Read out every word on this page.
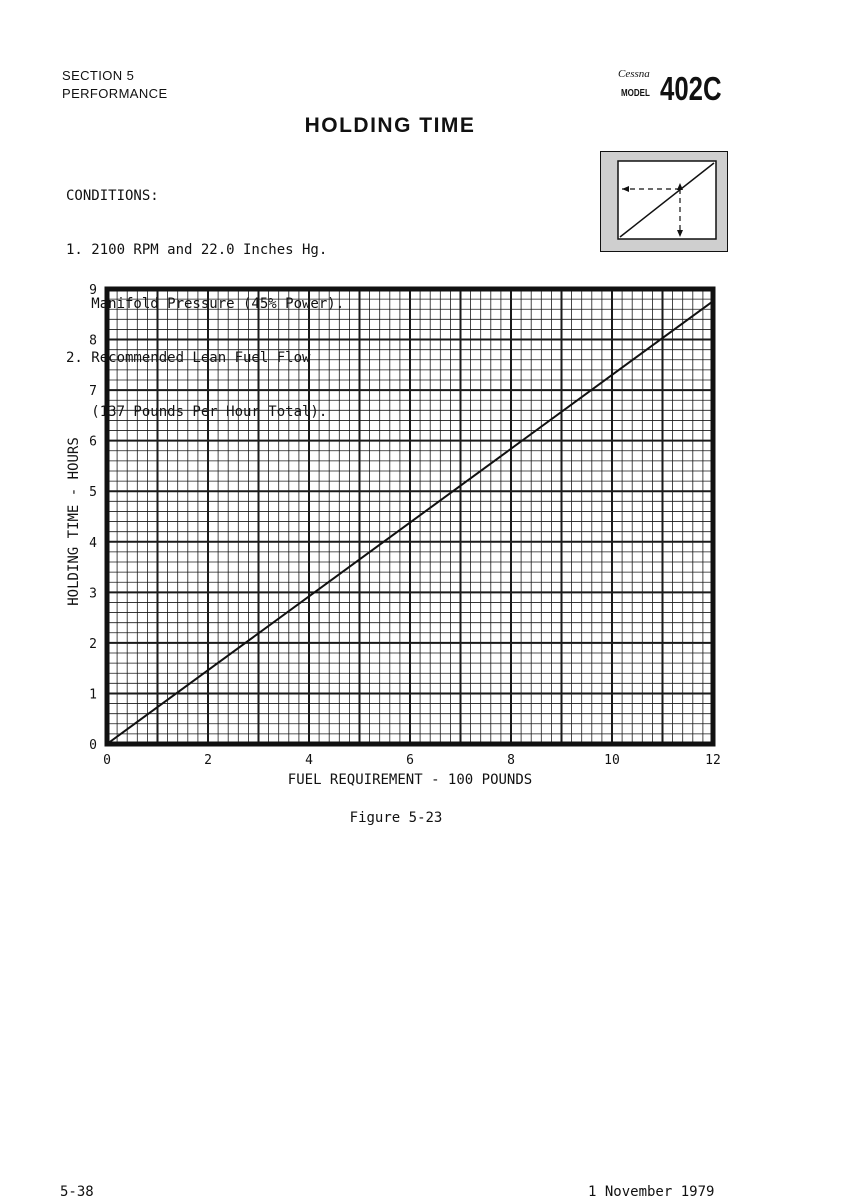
SECTION 5
PERFORMANCE
Cessna
MODEL 402C
HOLDING TIME

CONDITIONS:

1. 2100 RPM and 22.0 Inches Hg.

Manifold Pressure (45% Power).

2. Recommended Lean Fuel Flow

(137 Pounds Per Hour Total).

0	2	4	6	8	10	12
0
1
2
3
4
5
6
7
8
9
FUEL REQUIREMENT - 100 POUNDS
HOLDING TIME - HOURS
Figure 5-23
5-38	1 November 1979
